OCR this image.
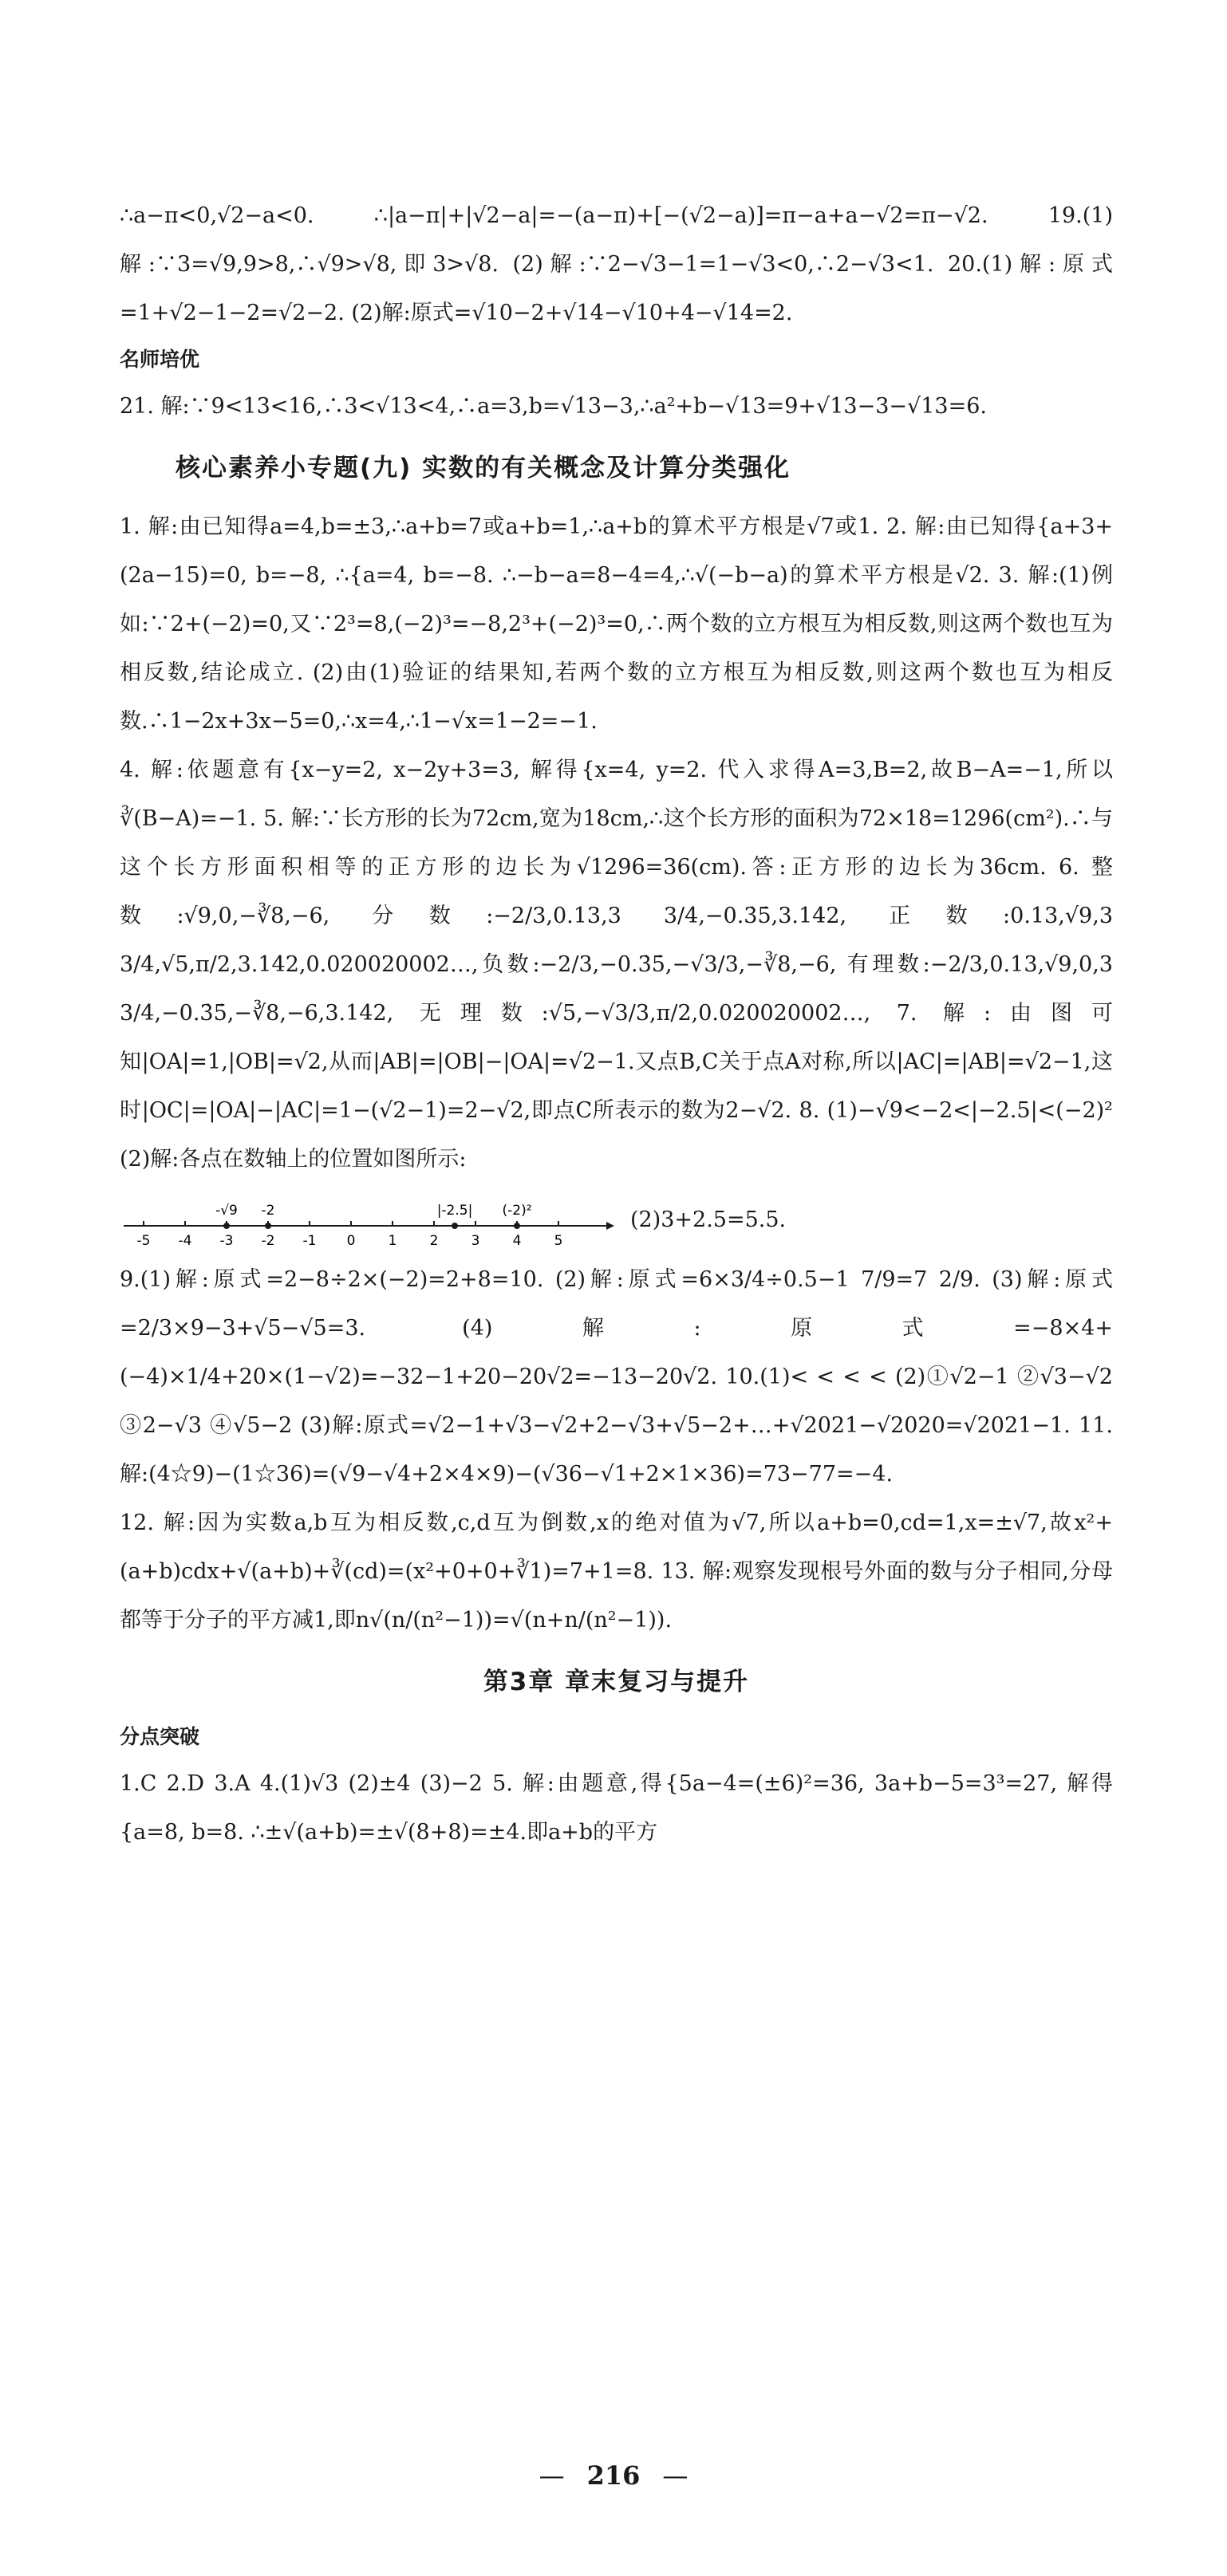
∴a−π<0,√2−a<0. ∴|a−π|+|√2−a|=−(a−π)+[−(√2−a)]=π−a+a−√2=π−√2. 19.(1)解:∵3=√9,9>8,∴√9>√8,即3>√8. (2)解:∵2−√3−1=1−√3<0,∴2−√3<1. 20.(1)解:原式=1+√2−1−2=√2−2. (2)解:原式=√10−2+√14−√10+4−√14=2.

名师培优

21. 解:∵9<13<16,∴3<√13<4,∴a=3,b=√13−3,∴a²+b−√13=9+√13−3−√13=6.

核心素养小专题(九) 实数的有关概念及计算分类强化

1. 解:由已知得a=4,b=±3,∴a+b=7或a+b=1,∴a+b的算术平方根是√7或1. 2. 解:由已知得{a+3+(2a−15)=0, b=−8, ∴{a=4, b=−8. ∴−b−a=8−4=4,∴√(−b−a)的算术平方根是√2. 3. 解:(1)例如:∵2+(−2)=0,又∵2³=8,(−2)³=−8,2³+(−2)³=0,∴两个数的立方根互为相反数,则这两个数也互为相反数,结论成立. (2)由(1)验证的结果知,若两个数的立方根互为相反数,则这两个数也互为相反数.∴1−2x+3x−5=0,∴x=4,∴1−√x=1−2=−1.

4. 解:依题意有{x−y=2, x−2y+3=3, 解得{x=4, y=2. 代入求得A=3,B=2,故B−A=−1,所以∛(B−A)=−1. 5. 解:∵长方形的长为72cm,宽为18cm,∴这个长方形的面积为72×18=1296(cm²).∴与这个长方形面积相等的正方形的边长为√1296=36(cm).答:正方形的边长为36cm. 6. 整数:√9,0,−∛8,−6, 分数:−2/3,0.13,3 3/4,−0.3̇5̇,3.142, 正数:0.13,√9,3 3/4,√5,π/2,3.142,0.020020002…,负数:−2/3,−0.3̇5̇,−√3/3,−∛8,−6, 有理数:−2/3,0.13,√9,0,3 3/4,−0.3̇5̇,−∛8,−6,3.142, 无理数:√5,−√3/3,π/2,0.020020002…, 7. 解:由图可知|OA|=1,|OB|=√2,从而|AB|=|OB|−|OA|=√2−1.又点B,C关于点A对称,所以|AC|=|AB|=√2−1,这时|OC|=|OA|−|AC|=1−(√2−1)=2−√2,即点C所表示的数为2−√2. 8. (1)−√9<−2<|−2.5|<(−2)² (2)解:各点在数轴上的位置如图所示:

-5 -4 -3 -2 -1 0 1 2 3 4 5
-√9 -2	|-2.5| (-2)²	(2)3+2.5=5.5.

9.(1)解:原式=2−8÷2×(−2)=2+8=10. (2)解:原式=6×3/4÷0.5−1 7/9=7 2/9. (3)解:原式=2/3×9−3+√5−√5=3. (4)解:原式=−8×4+(−4)×1/4+20×(1−√2)=−32−1+20−20√2=−13−20√2. 10.(1)< < < < (2)①√2−1 ②√3−√2 ③2−√3 ④√5−2 (3)解:原式=√2−1+√3−√2+2−√3+√5−2+…+√2021−√2020=√2021−1. 11. 解:(4☆9)−(1☆36)=(√9−√4+2×4×9)−(√36−√1+2×1×36)=73−77=−4.

12. 解:因为实数a,b互为相反数,c,d互为倒数,x的绝对值为√7,所以a+b=0,cd=1,x=±√7,故x²+(a+b)cdx+√(a+b)+∛(cd)=(x²+0+0+∛1)=7+1=8. 13. 解:观察发现根号外面的数与分子相同,分母都等于分子的平方减1,即n√(n/(n²−1))=√(n+n/(n²−1)).

第3章 章末复习与提升
分点突破

1.C 2.D 3.A 4.(1)√3 (2)±4 (3)−2 5. 解:由题意,得{5a−4=(±6)²=36, 3a+b−5=3³=27, 解得{a=8, b=8. ∴±√(a+b)=±√(8+8)=±4.即a+b的平方

— 216 —
